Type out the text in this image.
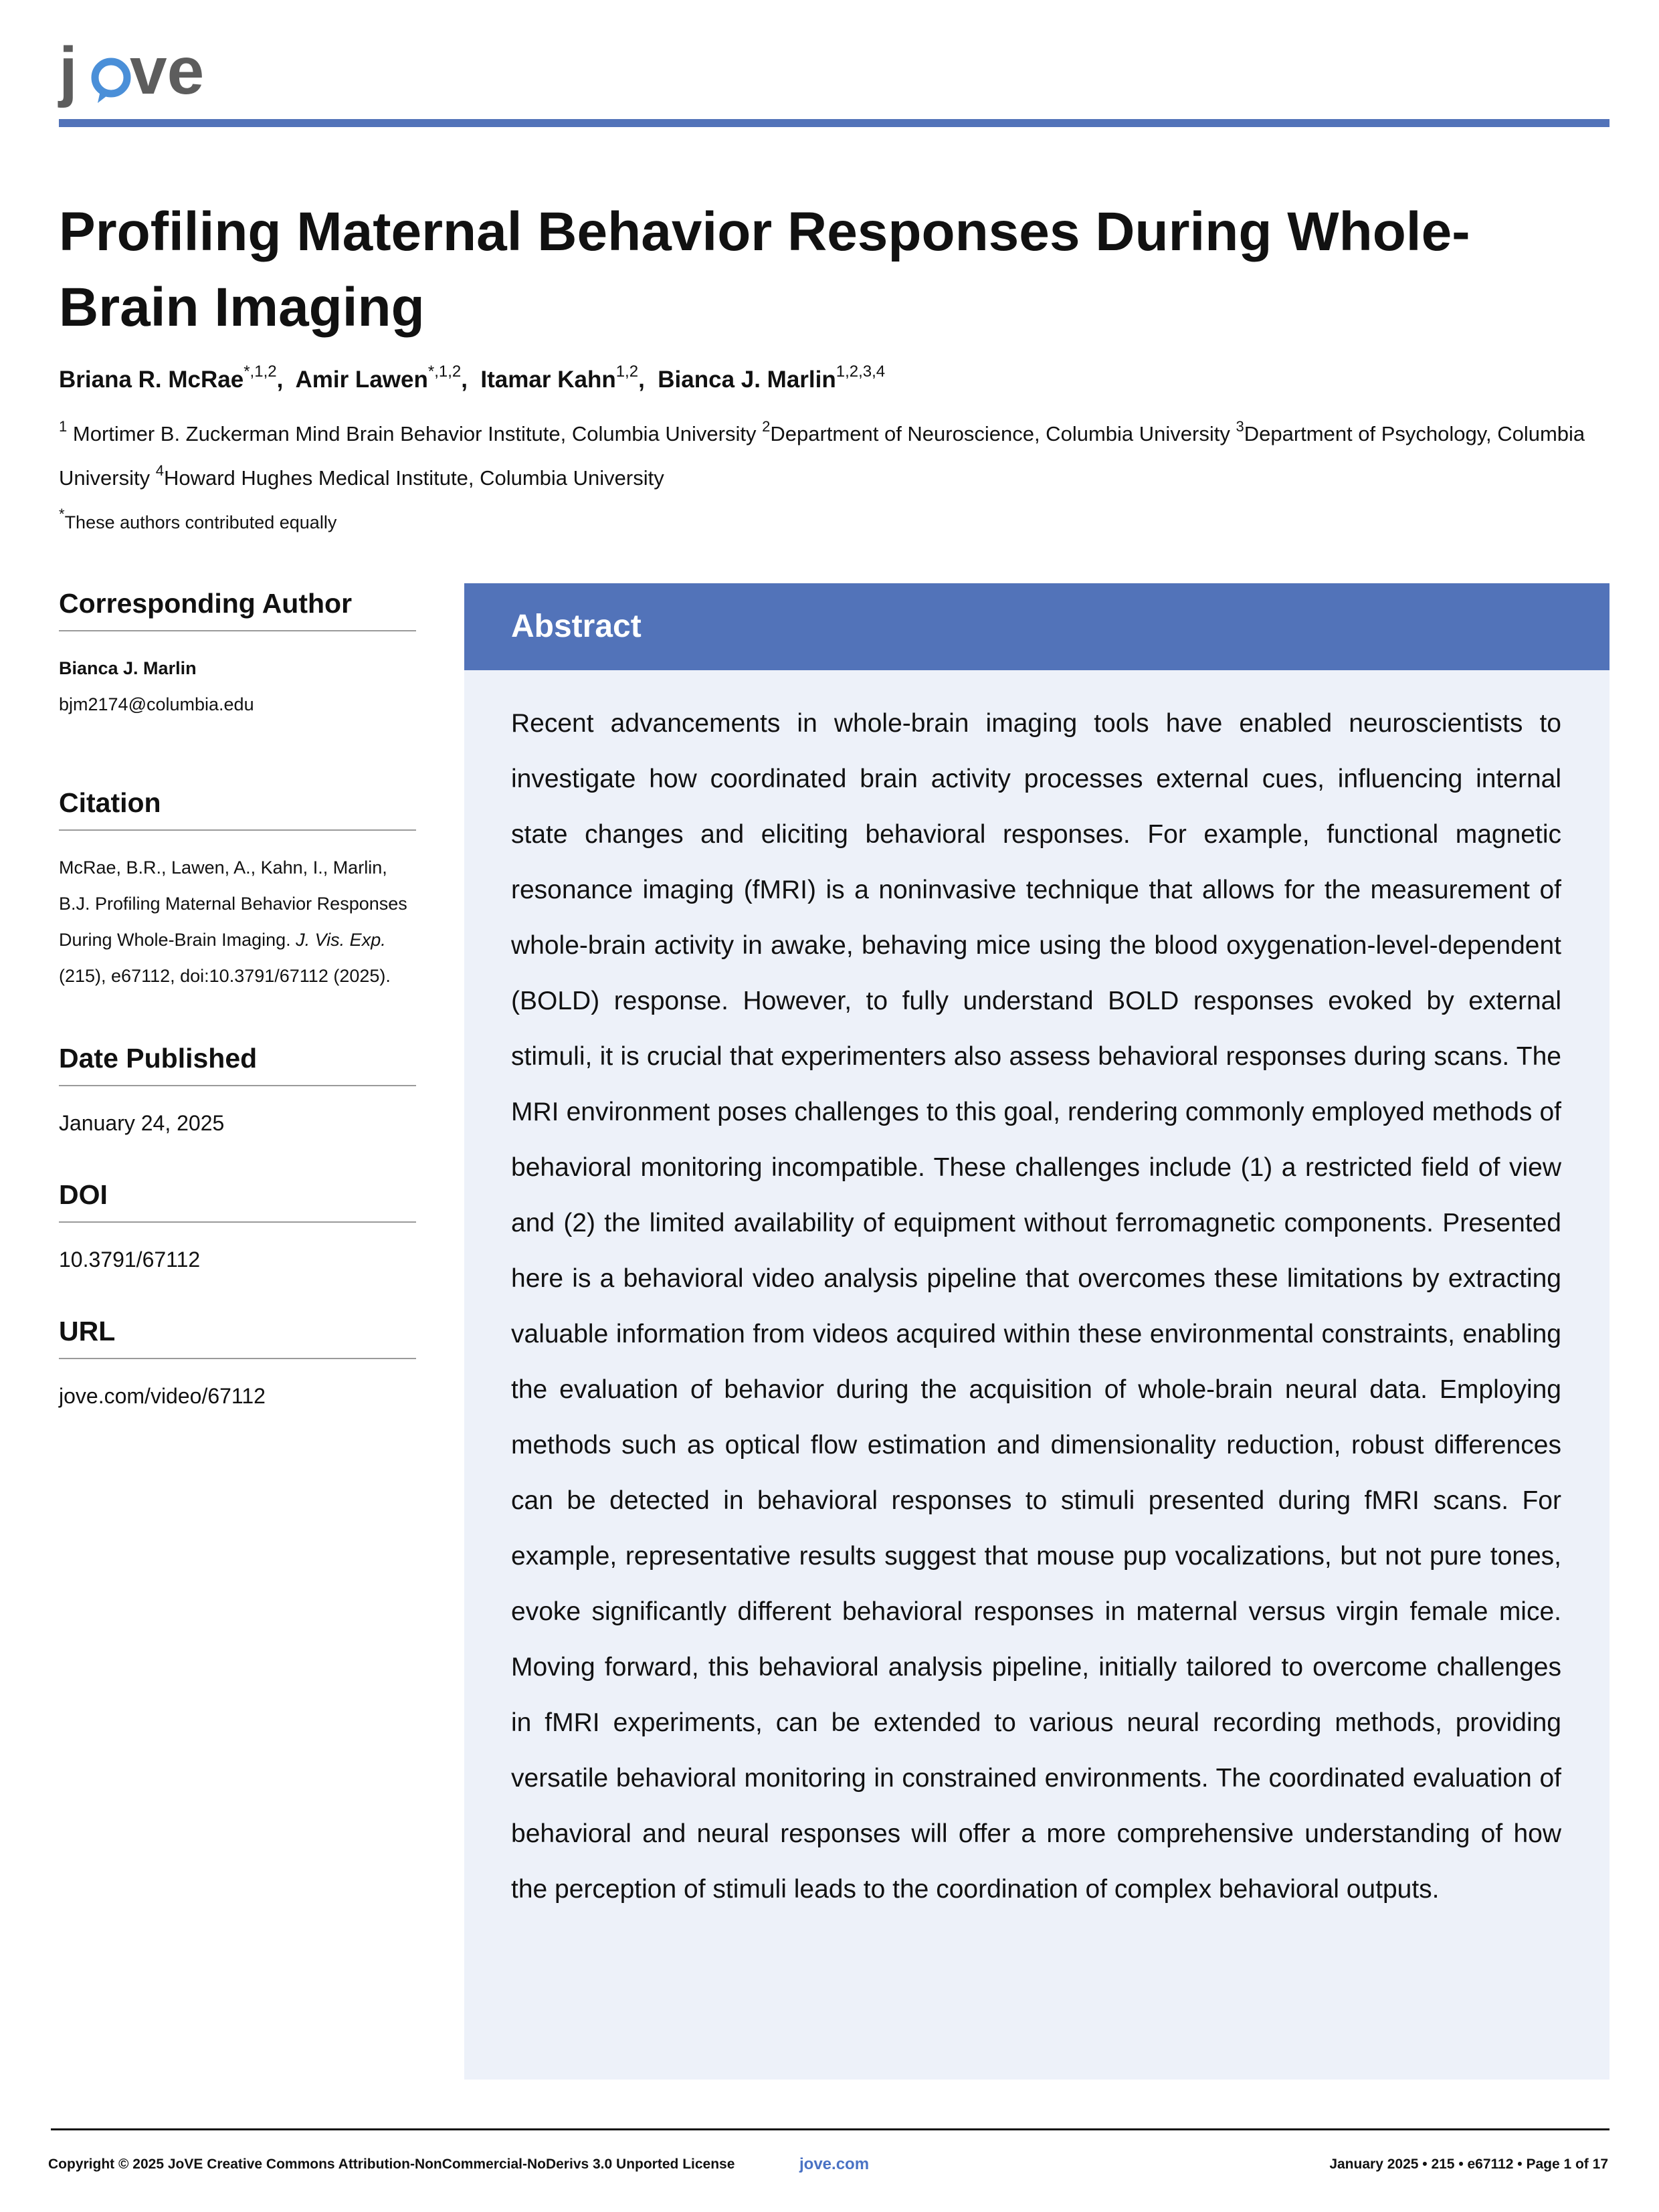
j ve
Profiling Maternal Behavior Responses During Whole-Brain Imaging
Briana R. McRae$^{*,1,2}$,  Amir Lawen$^{*,1,2}$,  Itamar Kahn$^{1,2}$,  Bianca J. Marlin$^{1,2,3,4}$
$^1$ Mortimer B. Zuckerman Mind Brain Behavior Institute, Columbia University $^2$Department of Neuroscience, Columbia University $^3$Department of Psychology, Columbia University $^4$Howard Hughes Medical Institute, Columbia University
*These authors contributed equally
Corresponding Author
Bianca J. Marlin
bjm2174@columbia.edu
Citation
McRae, B.R., Lawen, A., Kahn, I., Marlin, B.J. Profiling Maternal Behavior Responses During Whole-Brain Imaging. J. Vis. Exp. (215), e67112, doi:10.3791/67112 (2025).
Date Published
January 24, 2025
DOI
10.3791/67112
URL
jove.com/video/67112
Abstract

Recent advancements in whole-brain imaging tools have enabled neuroscientists to investigate how coordinated brain activity processes external cues, influencing internal state changes and eliciting behavioral responses. For example, functional magnetic resonance imaging (fMRI) is a noninvasive technique that allows for the measurement of whole-brain activity in awake, behaving mice using the blood oxygenation-level-dependent (BOLD) response. However, to fully understand BOLD responses evoked by external stimuli, it is crucial that experimenters also assess behavioral responses during scans. The MRI environment poses challenges to this goal, rendering commonly employed methods of behavioral monitoring incompatible. These challenges include (1) a restricted field of view and (2) the limited availability of equipment without ferromagnetic components. Presented here is a behavioral video analysis pipeline that overcomes these limitations by extracting valuable information from videos acquired within these environmental constraints, enabling the evaluation of behavior during the acquisition of whole-brain neural data. Employing methods such as optical flow estimation and dimensionality reduction, robust differences can be detected in behavioral responses to stimuli presented during fMRI scans. For example, representative results suggest that mouse pup vocalizations, but not pure tones, evoke significantly different behavioral responses in maternal versus virgin female mice. Moving forward, this behavioral analysis pipeline, initially tailored to overcome challenges in fMRI experiments, can be extended to various neural recording methods, providing versatile behavioral monitoring in constrained environments. The coordinated evaluation of behavioral and neural responses will offer a more comprehensive understanding of how the perception of stimuli leads to the coordination of complex behavioral outputs.

Copyright © 2025 JoVE Creative Commons Attribution-NonCommercial-NoDerivs 3.0 Unported License	jove.com	January 2025 • 215 • e67112 • Page 1 of 17
